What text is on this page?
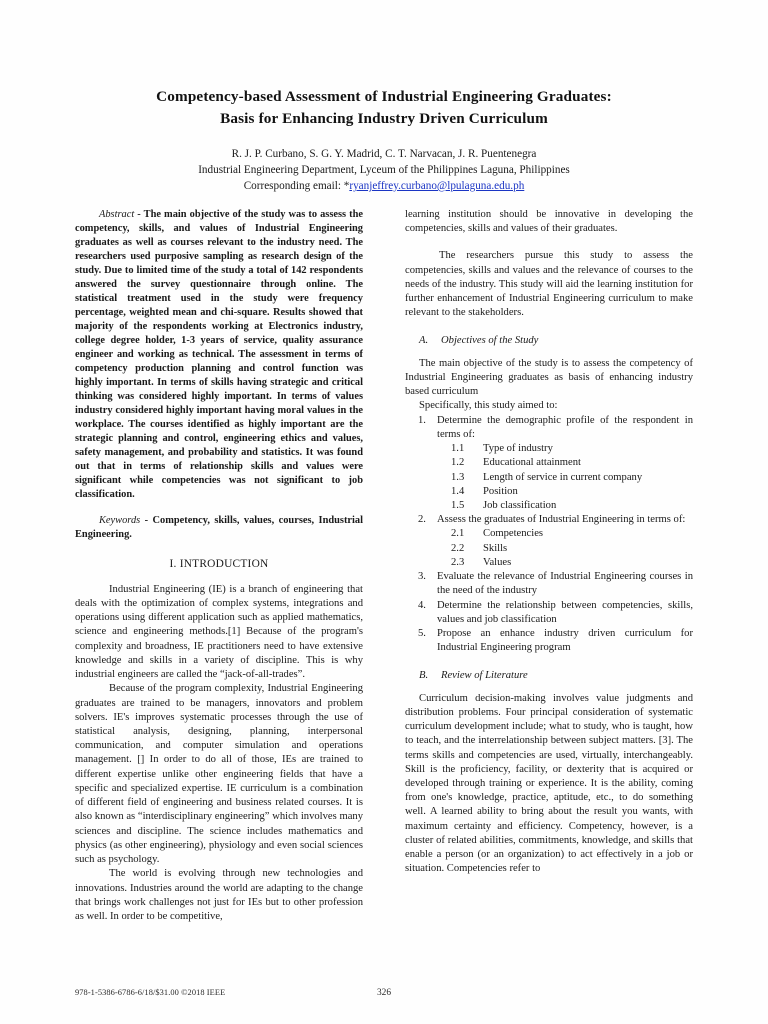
Competency-based Assessment of Industrial Engineering Graduates:
Basis for Enhancing Industry Driven Curriculum
R. J. P. Curbano, S. G. Y. Madrid, C. T. Narvacan, J. R. Puentenegra
Industrial Engineering Department, Lyceum of the Philippines Laguna, Philippines
Corresponding email: *ryanjeffrey.curbano@lpulaguna.edu.ph

Abstract - The main objective of the study was to assess the competency, skills, and values of Industrial Engineering graduates as well as courses relevant to the industry need. The researchers used purposive sampling as research design of the study. Due to limited time of the study a total of 142 respondents answered the survey questionnaire through online. The statistical treatment used in the study were frequency percentage, weighted mean and chi-square. Results showed that majority of the respondents working at Electronics industry, college degree holder, 1-3 years of service, quality assurance engineer and working as technical. The assessment in terms of competency production planning and control function was highly important. In terms of skills having strategic and critical thinking was considered highly important. In terms of values industry considered highly important having moral values in the workplace. The courses identified as highly important are the strategic planning and control, engineering ethics and values, safety management, and probability and statistics. It was found out that in terms of relationship skills and values were significant while competencies was not significant to job classification.

Keywords - Competency, skills, values, courses, Industrial Engineering.

I. INTRODUCTION

Industrial Engineering (IE) is a branch of engineering that deals with the optimization of complex systems, integrations and operations using different application such as applied mathematics, science and engineering methods.[1] Because of the program's complexity and broadness, IE practitioners need to have extensive knowledge and skills in a variety of discipline. This is why industrial engineers are called the “jack-of-all-trades”.

Because of the program complexity, Industrial Engineering graduates are trained to be managers, innovators and problem solvers. IE's improves systematic processes through the use of statistical analysis, designing, planning, interpersonal communication, and computer simulation and operations management. [] In order to do all of those, IEs are trained to different expertise unlike other engineering fields that have a specific and specialized expertise. IE curriculum is a combination of different field of engineering and business related courses. It is also known as “interdisciplinary engineering” which involves many sciences and discipline. The science includes mathematics and physics (as other engineering), physiology and even social sciences such as psychology.

The world is evolving through new technologies and innovations. Industries around the world are adapting to the change that brings work challenges not just for IEs but to other profession as well. In order to be competitive,

learning institution should be innovative in developing the competencies, skills and values of their graduates.

The researchers pursue this study to assess the competencies, skills and values and the relevance of courses to the needs of the industry. This study will aid the learning institution for further enhancement of Industrial Engineering curriculum to make relevant to the stakeholders.

A. Objectives of the Study

The main objective of the study is to assess the competency of Industrial Engineering graduates as basis of enhancing industry based curriculum

Specifically, this study aimed to:

1.	Determine the demographic profile of the respondent in terms of:
1.1	Type of industry
1.2	Educational attainment
1.3	Length of service in current company
1.4	Position
1.5	Job classification
2.	Assess the graduates of Industrial Engineering in terms of:
2.1	Competencies
2.2	Skills
2.3	Values
3.	Evaluate the relevance of Industrial Engineering courses in the need of the industry
4.	Determine the relationship between competencies, skills, values and job classification
5.	Propose an enhance industry driven curriculum for Industrial Engineering program
B. Review of Literature

Curriculum decision-making involves value judgments and distribution problems. Four principal consideration of systematic curriculum development include; what to study, who is taught, how to teach, and the interrelationship between subject matters. [3]. The terms skills and competencies are used, virtually, interchangeably. Skill is the proficiency, facility, or dexterity that is acquired or developed through training or experience. It is the ability, coming from one's knowledge, practice, aptitude, etc., to do something well. A learned ability to bring about the result you wants, with maximum certainty and efficiency. Competency, however, is a cluster of related abilities, commitments, knowledge, and skills that enable a person (or an organization) to act effectively in a job or situation. Competencies refer to

978-1-5386-6786-6/18/$31.00 ©2018 IEEE	326
